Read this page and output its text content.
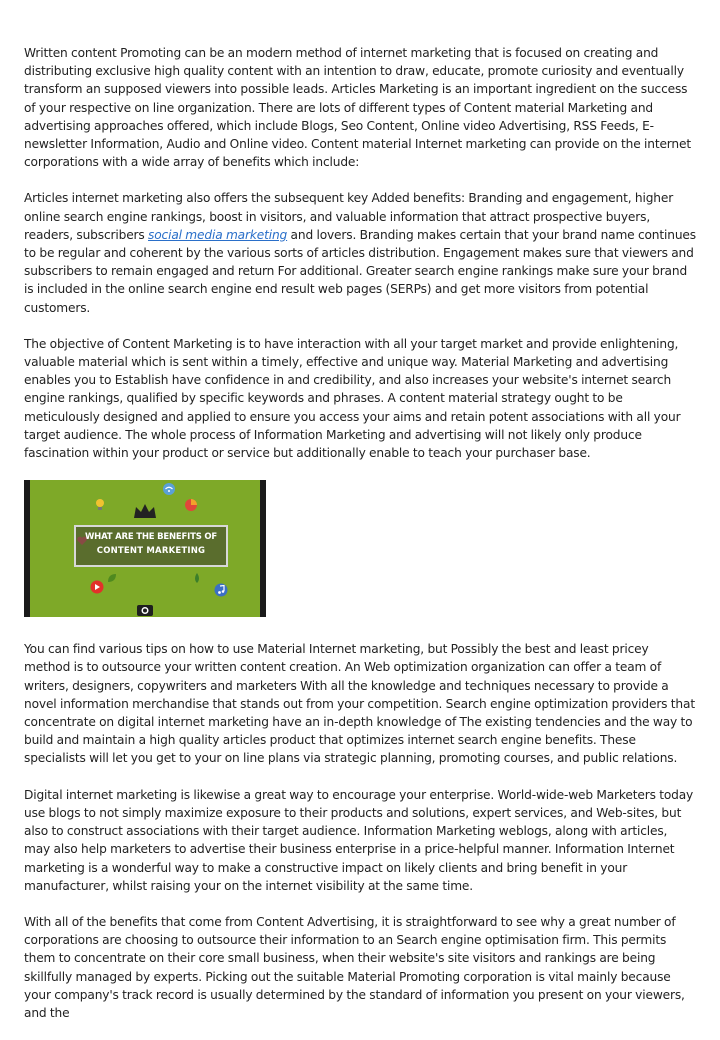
Written content Promoting can be an modern method of internet marketing that is focused on creating and distributing exclusive high quality content with an intention to draw, educate, promote curiosity and eventually transform an supposed viewers into possible leads. Articles Marketing is an important ingredient on the success of your respective on line organization. There are lots of different types of Content material Marketing and advertising approaches offered, which include Blogs, Seo Content, Online video Advertising, RSS Feeds, E-newsletter Information, Audio and Online video. Content material Internet marketing can provide on the internet corporations with a wide array of benefits which include:

Articles internet marketing also offers the subsequent key Added benefits: Branding and engagement, higher online search engine rankings, boost in visitors, and valuable information that attract prospective buyers, readers, subscribers social media marketing and lovers. Branding makes certain that your brand name continues to be regular and coherent by the various sorts of articles distribution. Engagement makes sure that viewers and subscribers to remain engaged and return For additional. Greater search engine rankings make sure your brand is included in the online search engine end result web pages (SERPs) and get more visitors from potential customers.

The objective of Content Marketing is to have interaction with all your target market and provide enlightening, valuable material which is sent within a timely, effective and unique way. Material Marketing and advertising enables you to Establish have confidence in and credibility, and also increases your website's internet search engine rankings, qualified by specific keywords and phrases. A content material strategy ought to be meticulously designed and applied to ensure you access your aims and retain potent associations with all your target audience. The whole process of Information Marketing and advertising will not likely only produce fascination within your product or service but additionally enable to teach your purchaser base.

WHAT ARE THE BENEFITS OF
CONTENT MARKETING

You can find various tips on how to use Material Internet marketing, but Possibly the best and least pricey method is to outsource your written content creation. An Web optimization organization can offer a team of writers, designers, copywriters and marketers With all the knowledge and techniques necessary to provide a novel information merchandise that stands out from your competition. Search engine optimization providers that concentrate on digital internet marketing have an in-depth knowledge of The existing tendencies and the way to build and maintain a high quality articles product that optimizes internet search engine benefits. These specialists will let you get to your on line plans via strategic planning, promoting courses, and public relations.

Digital internet marketing is likewise a great way to encourage your enterprise. World-wide-web Marketers today use blogs to not simply maximize exposure to their products and solutions, expert services, and Web-sites, but also to construct associations with their target audience. Information Marketing weblogs, along with articles, may also help marketers to advertise their business enterprise in a price-helpful manner. Information Internet marketing is a wonderful way to make a constructive impact on likely clients and bring benefit in your manufacturer, whilst raising your on the internet visibility at the same time.

With all of the benefits that come from Content Advertising, it is straightforward to see why a great number of corporations are choosing to outsource their information to an Search engine optimisation firm. This permits them to concentrate on their core small business, when their website's site visitors and rankings are being skillfully managed by experts. Picking out the suitable Material Promoting corporation is vital mainly because your company's track record is usually determined by the standard of information you present on your viewers, and the
